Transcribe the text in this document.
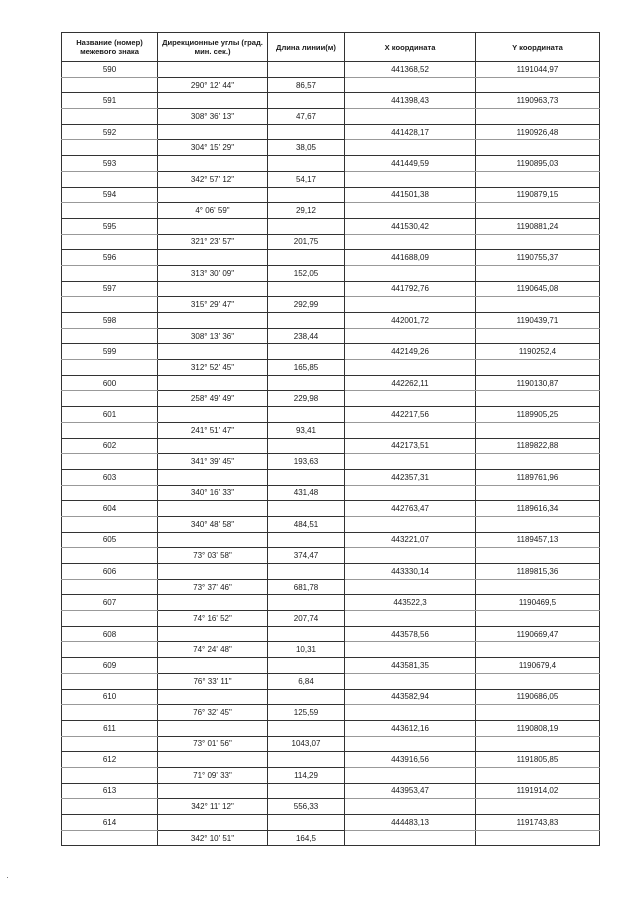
Название (номер) межевого знака	Дирекционные углы (град. мин. сек.)	Длина линии(м)	X координата	Y координата
590			441368,52	1191044,97
	290° 12' 44"	86,57		
591			441398,43	1190963,73
	308° 36' 13"	47,67		
592			441428,17	1190926,48
	304° 15' 29"	38,05		
593			441449,59	1190895,03
	342° 57' 12"	54,17		
594			441501,38	1190879,15
	4° 06' 59"	29,12		
595			441530,42	1190881,24
	321° 23' 57"	201,75		
596			441688,09	1190755,37
	313° 30' 09"	152,05		
597			441792,76	1190645,08
	315° 29' 47"	292,99		
598			442001,72	1190439,71
	308° 13' 36"	238,44		
599			442149,26	1190252,4
	312° 52' 45"	165,85		
600			442262,11	1190130,87
	258° 49' 49"	229,98		
601			442217,56	1189905,25
	241° 51' 47"	93,41		
602			442173,51	1189822,88
	341° 39' 45"	193,63		
603			442357,31	1189761,96
	340° 16' 33"	431,48		
604			442763,47	1189616,34
	340° 48' 58"	484,51		
605			443221,07	1189457,13
	73° 03' 58"	374,47		
606			443330,14	1189815,36
	73° 37' 46"	681,78		
607			443522,3	1190469,5
	74° 16' 52"	207,74		
608			443578,56	1190669,47
	74° 24' 48"	10,31		
609			443581,35	1190679,4
	76° 33' 11"	6,84		
610			443582,94	1190686,05
	76° 32' 45"	125,59		
611			443612,16	1190808,19
	73° 01' 56"	1043,07		
612			443916,56	1191805,85
	71° 09' 33"	114,29		
613			443953,47	1191914,02
	342° 11' 12"	556,33		
614			444483,13	1191743,83
	342° 10' 51"	164,5		
